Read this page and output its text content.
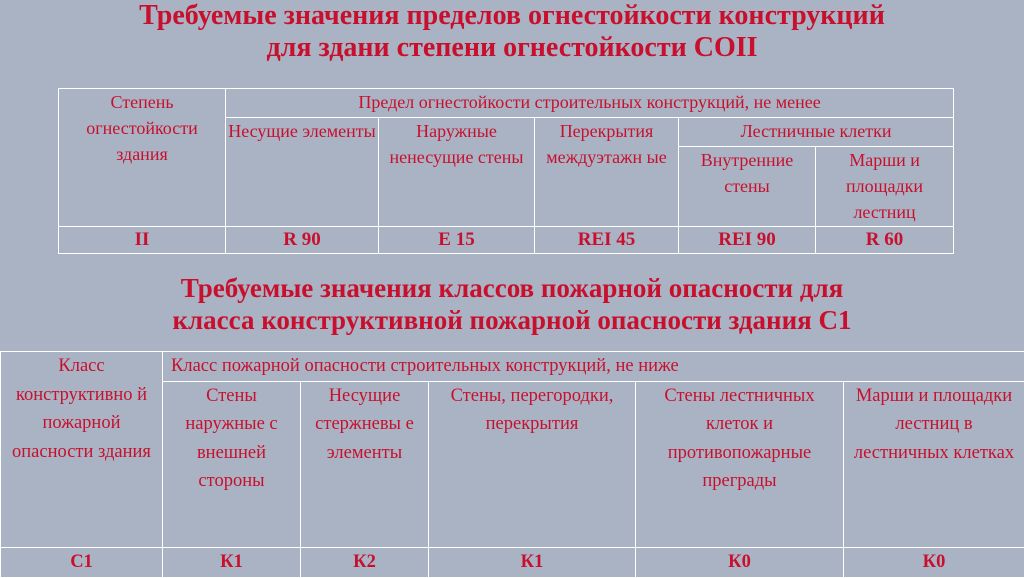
Требуемые значения пределов огнестойкости конструкций
для здани степени огнестойкости СОII
Степень огнестойкости здания	Предел огнестойкости строительных конструкций, не менее				
	Несущие элементы	Наружные ненесущие стены	Перекрытия междуэтажн ые	Лестничные клетки	
				Внутренние стены	Марши и площадки лестниц
II	R 90	E 15	REI 45	REI 90	R 60
Требуемые значения классов пожарной опасности для
класса конструктивной пожарной опасности здания С1
Класс конструктивно й пожарной опасности здания	Класс пожарной опасности строительных конструкций, не ниже				
	Стены наружные с внешней стороны	Несущие стержневы е элементы	Стены, перегородки, перекрытия	Стены лестничных клеток и противопожарные преграды	Марши и площадки лестниц в лестничных клетках
С1	К1	К2	К1	К0	К0
